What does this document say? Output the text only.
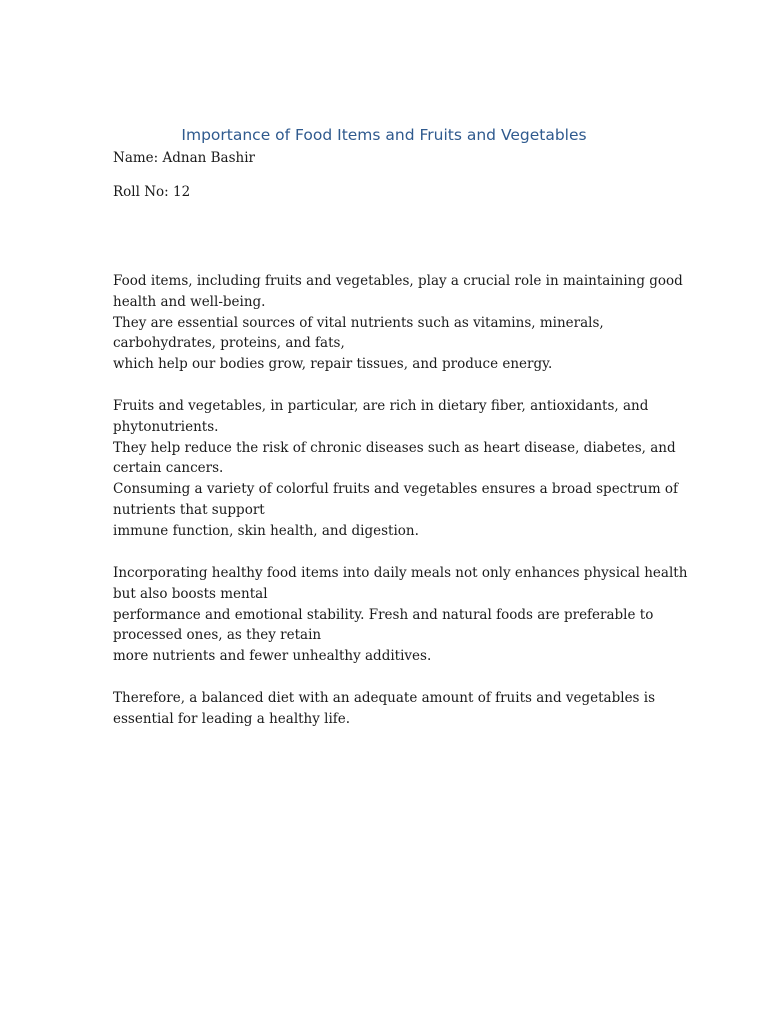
Importance of Food Items and Fruits and Vegetables

Name: Adnan Bashir

Roll No: 12

Food items, including fruits and vegetables, play a crucial role in maintaining good
health and well-being.
They are essential sources of vital nutrients such as vitamins, minerals,
carbohydrates, proteins, and fats,
which help our bodies grow, repair tissues, and produce energy.

Fruits and vegetables, in particular, are rich in dietary fiber, antioxidants, and
phytonutrients.
They help reduce the risk of chronic diseases such as heart disease, diabetes, and
certain cancers.
Consuming a variety of colorful fruits and vegetables ensures a broad spectrum of
nutrients that support
immune function, skin health, and digestion.

Incorporating healthy food items into daily meals not only enhances physical health
but also boosts mental
performance and emotional stability. Fresh and natural foods are preferable to
processed ones, as they retain
more nutrients and fewer unhealthy additives.

Therefore, a balanced diet with an adequate amount of fruits and vegetables is
essential for leading a healthy life.
